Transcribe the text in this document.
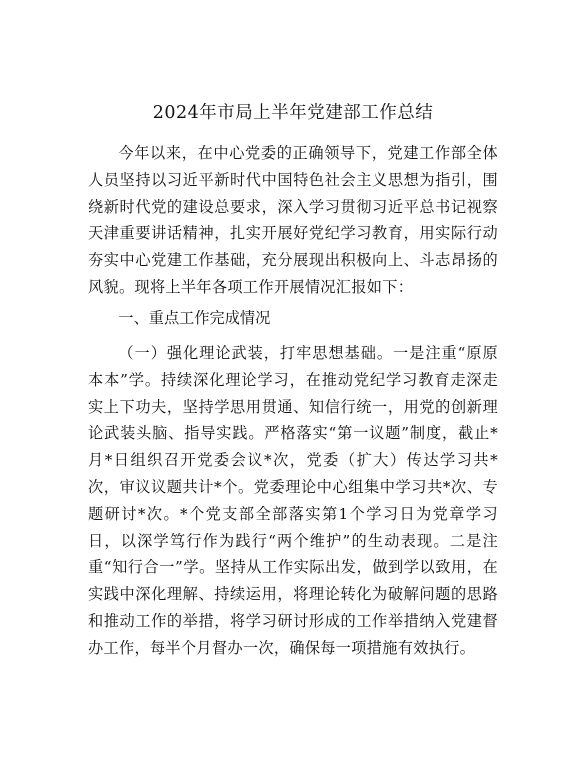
2024年市局上半年党建部工作总结

今年以来，在中心党委的正确领导下，党建工作部全体人员坚持以习近平新时代中国特色社会主义思想为指引，围绕新时代党的建设总要求，深入学习贯彻习近平总书记视察天津重要讲话精神，扎实开展好党纪学习教育，用实际行动夯实中心党建工作基础，充分展现出积极向上、斗志昂扬的风貌。现将上半年各项工作开展情况汇报如下：

一、重点工作完成情况

（一）强化理论武装，打牢思想基础。一是注重“原原本本”学。持续深化理论学习，在推动党纪学习教育走深走实上下功夫，坚持学思用贯通、知信行统一，用党的创新理论武装头脑、指导实践。严格落实“第一议题”制度，截止*月*日组织召开党委会议*次，党委（扩大）传达学习共*次，审议议题共计*个。党委理论中心组集中学习共*次、专题研讨*次。*个党支部全部落实第1个学习日为党章学习日，以深学笃行作为践行“两个维护”的生动表现。二是注重“知行合一”学。坚持从工作实际出发，做到学以致用，在实践中深化理解、持续运用，将理论转化为破解问题的思路和推动工作的举措，将学习研讨形成的工作举措纳入党建督办工作，每半个月督办一次，确保每一项措施有效执行。
